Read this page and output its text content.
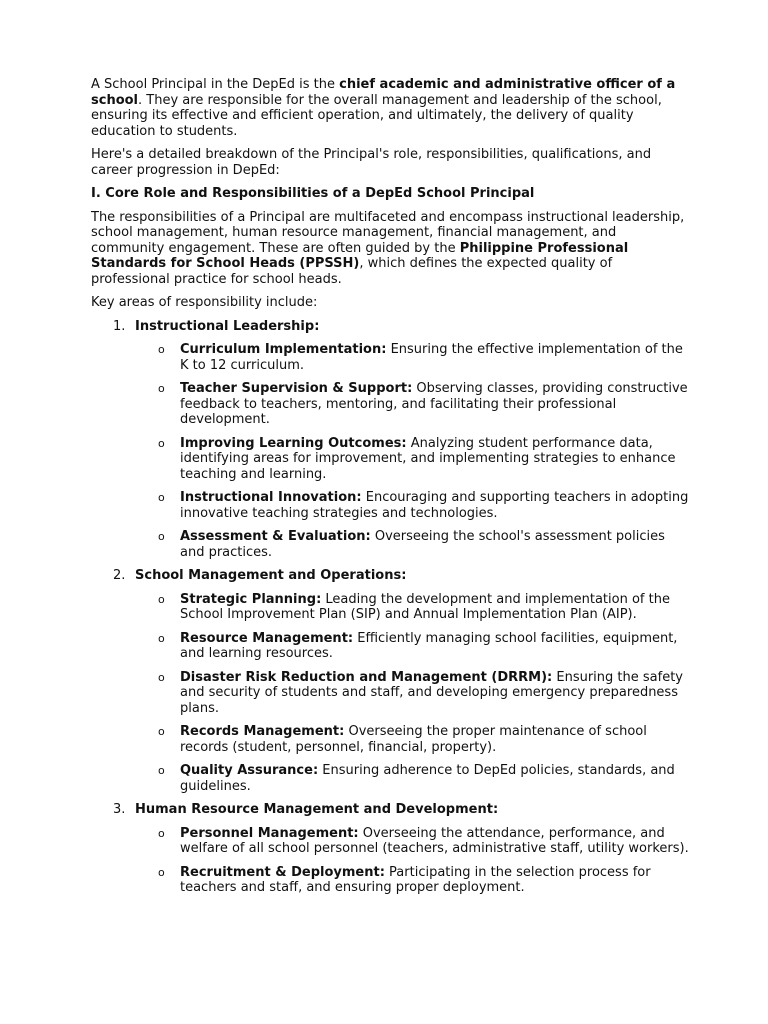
A School Principal in the DepEd is the chief academic and administrative officer of a school. They are responsible for the overall management and leadership of the school, ensuring its effective and efficient operation, and ultimately, the delivery of quality education to students.

Here's a detailed breakdown of the Principal's role, responsibilities, qualifications, and career progression in DepEd:

I. Core Role and Responsibilities of a DepEd School Principal

The responsibilities of a Principal are multifaceted and encompass instructional leadership, school management, human resource management, financial management, and community engagement. These are often guided by the Philippine Professional Standards for School Heads (PPSSH), which defines the expected quality of professional practice for school heads.

Key areas of responsibility include:

1. Instructional Leadership:
o Curriculum Implementation: Ensuring the effective implementation of the K to 12 curriculum.
o Teacher Supervision & Support: Observing classes, providing constructive feedback to teachers, mentoring, and facilitating their professional development.
o Improving Learning Outcomes: Analyzing student performance data, identifying areas for improvement, and implementing strategies to enhance teaching and learning.
o Instructional Innovation: Encouraging and supporting teachers in adopting innovative teaching strategies and technologies.
o Assessment & Evaluation: Overseeing the school's assessment policies and practices.
2. School Management and Operations:
o Strategic Planning: Leading the development and implementation of the School Improvement Plan (SIP) and Annual Implementation Plan (AIP).
o Resource Management: Efficiently managing school facilities, equipment, and learning resources.
o Disaster Risk Reduction and Management (DRRM): Ensuring the safety and security of students and staff, and developing emergency preparedness plans.
o Records Management: Overseeing the proper maintenance of school records (student, personnel, financial, property).
o Quality Assurance: Ensuring adherence to DepEd policies, standards, and guidelines.
3. Human Resource Management and Development:
o Personnel Management: Overseeing the attendance, performance, and welfare of all school personnel (teachers, administrative staff, utility workers).
o Recruitment & Deployment: Participating in the selection process for teachers and staff, and ensuring proper deployment.
